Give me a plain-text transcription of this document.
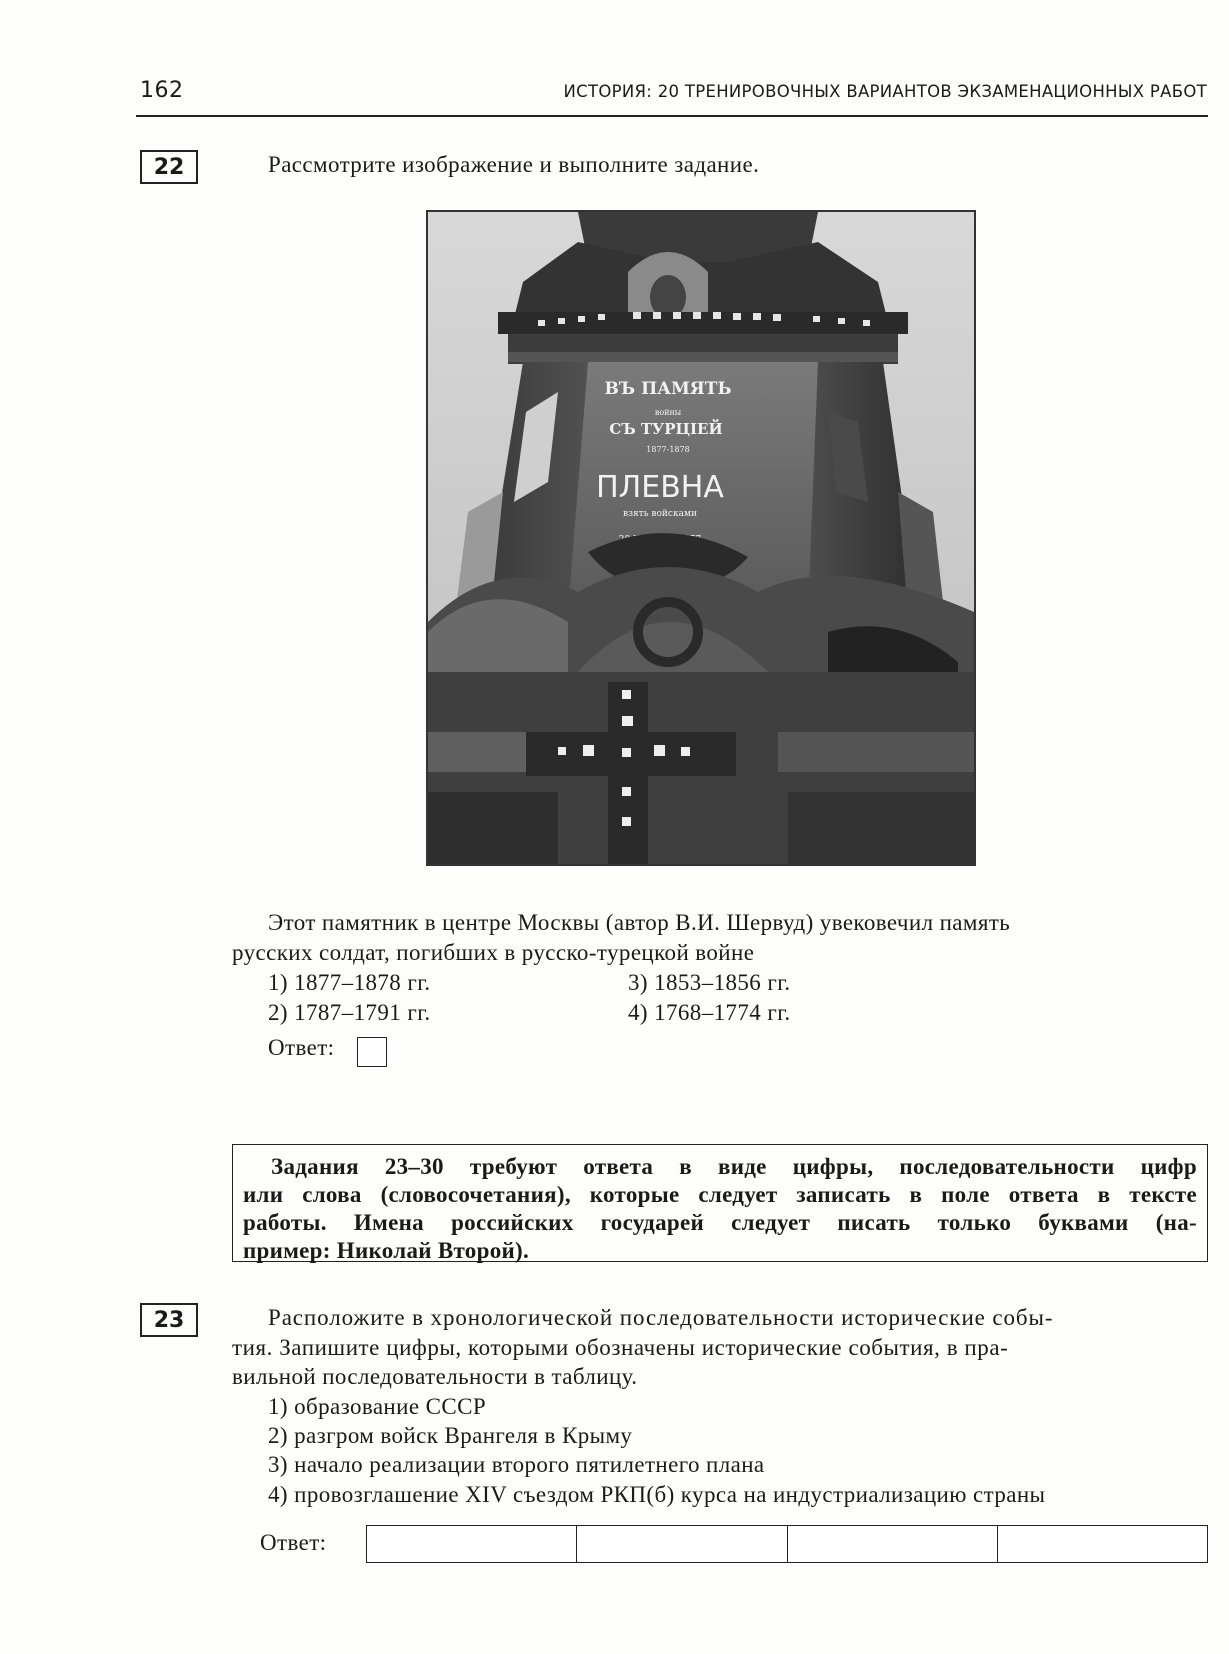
162	ИСТОРИЯ: 20 ТРЕНИРОВОЧНЫХ ВАРИАНТОВ ЭКЗАМЕНАЦИОННЫХ РАБОТ
22	Рассмотрите изображение и выполните задание.
ВЪ ПАМЯТЬ
войны
СЪ ТУРЦІЕЙ
1877-1878
ПЛЕВНА
взять войсками
Этот памятник в центре Москвы (автор В.И. Шервуд) увековечил память
русских солдат, погибших в русско-турецкой войне
1) 1877–1878 гг.
2) 1787–1791 гг.
3) 1853–1856 гг.
4) 1768–1774 гг.
Ответ:
Задания 23–30 требуют ответа в виде цифры, последовательности цифр
или слова (словосочетания), которые следует записать в поле ответа в тексте
работы. Имена российских государей следует писать только буквами (на-
пример: Николай Второй).
23	Расположите в хронологической последовательности исторические собы-
тия. Запишите цифры, которыми обозначены исторические события, в пра-
вильной последовательности в таблицу.
1) образование СССР
2) разгром войск Врангеля в Крыму
3) начало реализации второго пятилетнего плана
4) провозглашение XIV съездом РКП(б) курса на индустриализацию страны
Ответ:
